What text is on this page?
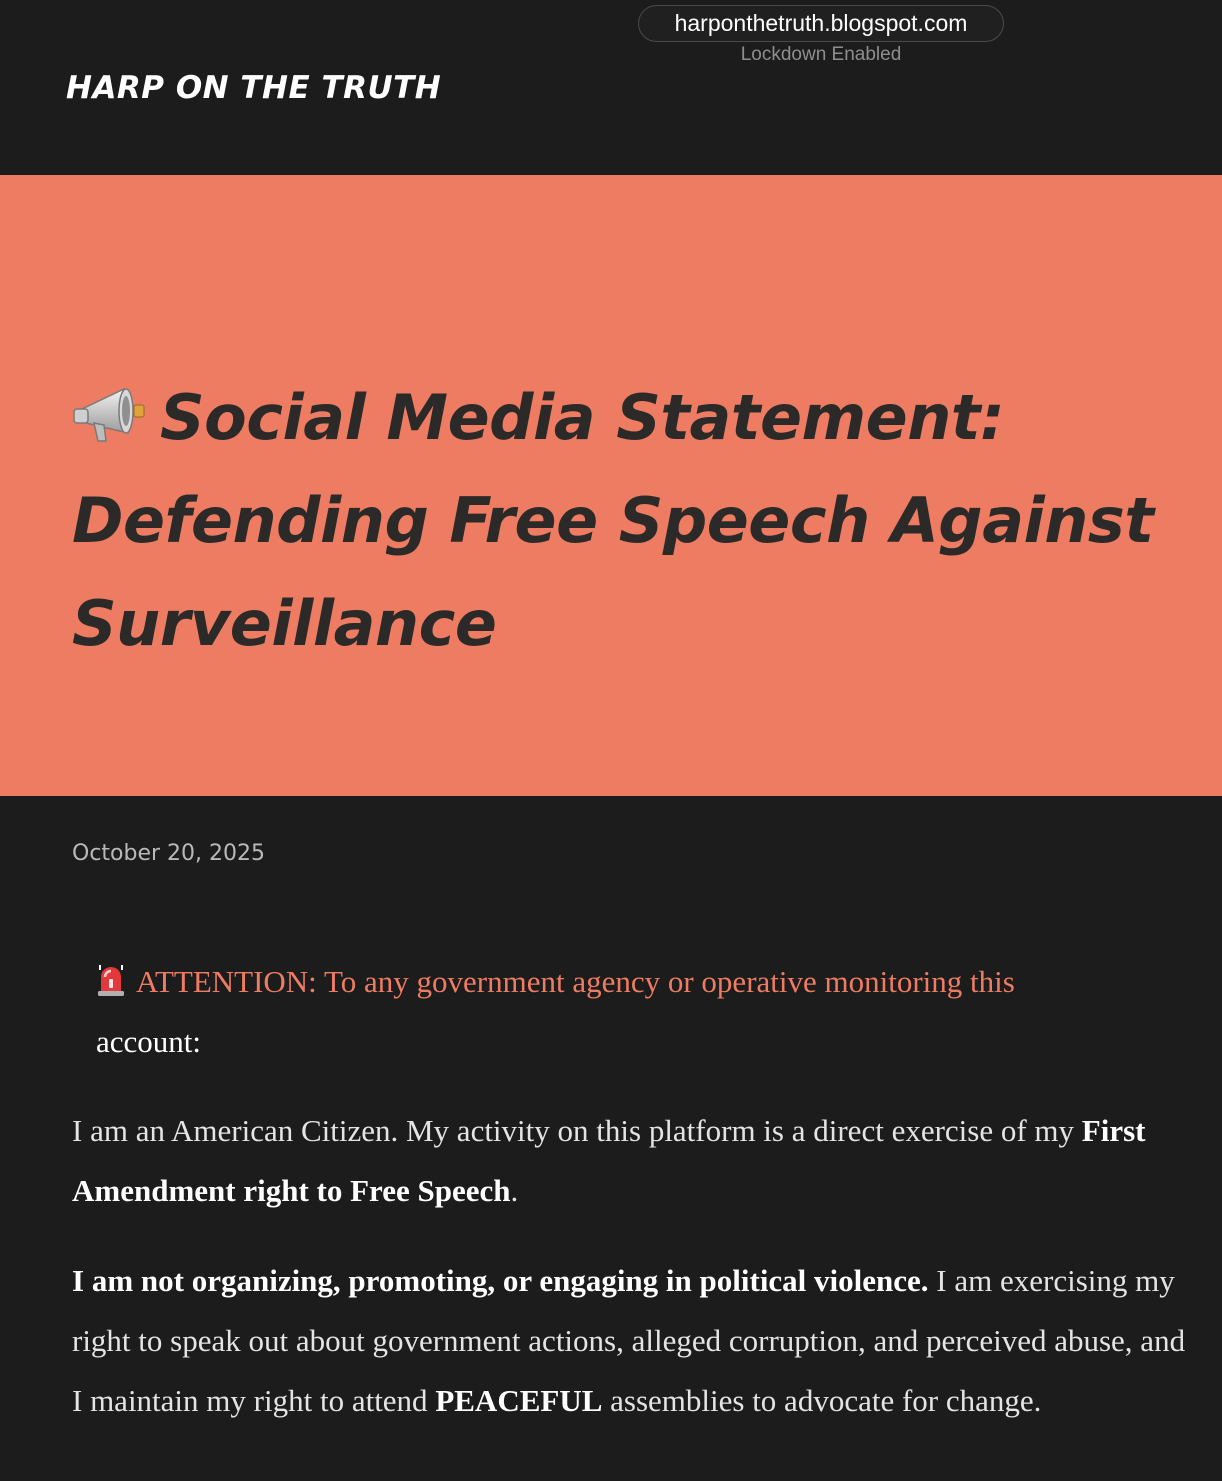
harponthetruth.blogspot.com
Lockdown Enabled
HARP ON THE TRUTH
Social Media Statement: Defending Free Speech Against Surveillance
October 20, 2025
ATTENTION: To any government agency or operative monitoring this
account:

I am an American Citizen. My activity on this platform is a direct exercise of my First Amendment right to Free Speech.

I am not organizing, promoting, or engaging in political violence. I am exercising my right to speak out about government actions, alleged corruption, and perceived abuse, and I maintain my right to attend PEACEFUL assemblies to advocate for change.
